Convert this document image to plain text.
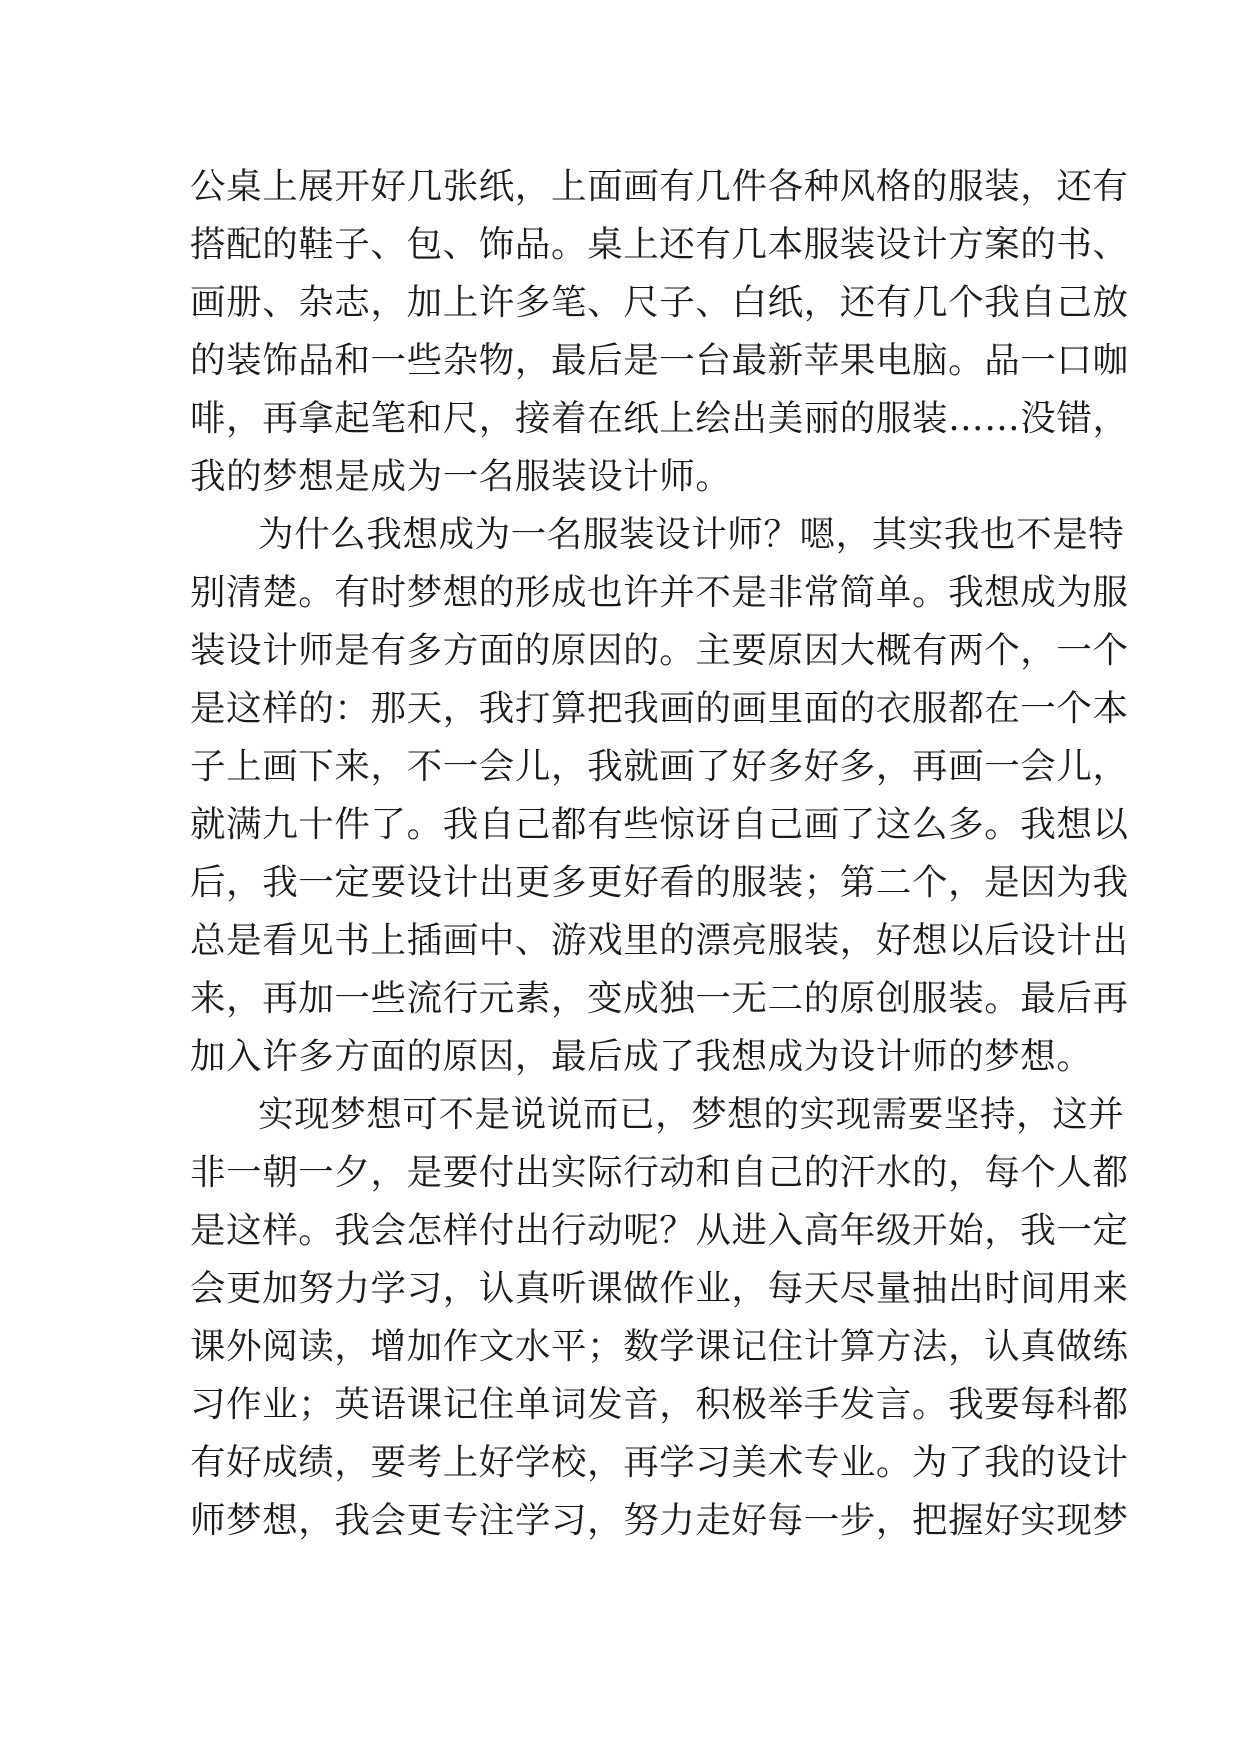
公桌上展开好几张纸，上面画有几件各种风格的服装，还有
搭配的鞋子、包、饰品。桌上还有几本服装设计方案的书、
画册、杂志，加上许多笔、尺子、白纸，还有几个我自己放
的装饰品和一些杂物，最后是一台最新苹果电脑。品一口咖
啡，再拿起笔和尺，接着在纸上绘出美丽的服装……没错，
我的梦想是成为一名服装设计师。
为什么我想成为一名服装设计师？嗯，其实我也不是特
别清楚。有时梦想的形成也许并不是非常简单。我想成为服
装设计师是有多方面的原因的。主要原因大概有两个，一个
是这样的：那天，我打算把我画的画里面的衣服都在一个本
子上画下来，不一会儿，我就画了好多好多，再画一会儿，
就满九十件了。我自己都有些惊讶自己画了这么多。我想以
后，我一定要设计出更多更好看的服装；第二个，是因为我
总是看见书上插画中、游戏里的漂亮服装，好想以后设计出
来，再加一些流行元素，变成独一无二的原创服装。最后再
加入许多方面的原因，最后成了我想成为设计师的梦想。
实现梦想可不是说说而已，梦想的实现需要坚持，这并
非一朝一夕，是要付出实际行动和自己的汗水的，每个人都
是这样。我会怎样付出行动呢？从进入高年级开始，我一定
会更加努力学习，认真听课做作业，每天尽量抽出时间用来
课外阅读，增加作文水平；数学课记住计算方法，认真做练
习作业；英语课记住单词发音，积极举手发言。我要每科都
有好成绩，要考上好学校，再学习美术专业。为了我的设计
师梦想，我会更专注学习，努力走好每一步，把握好实现梦
